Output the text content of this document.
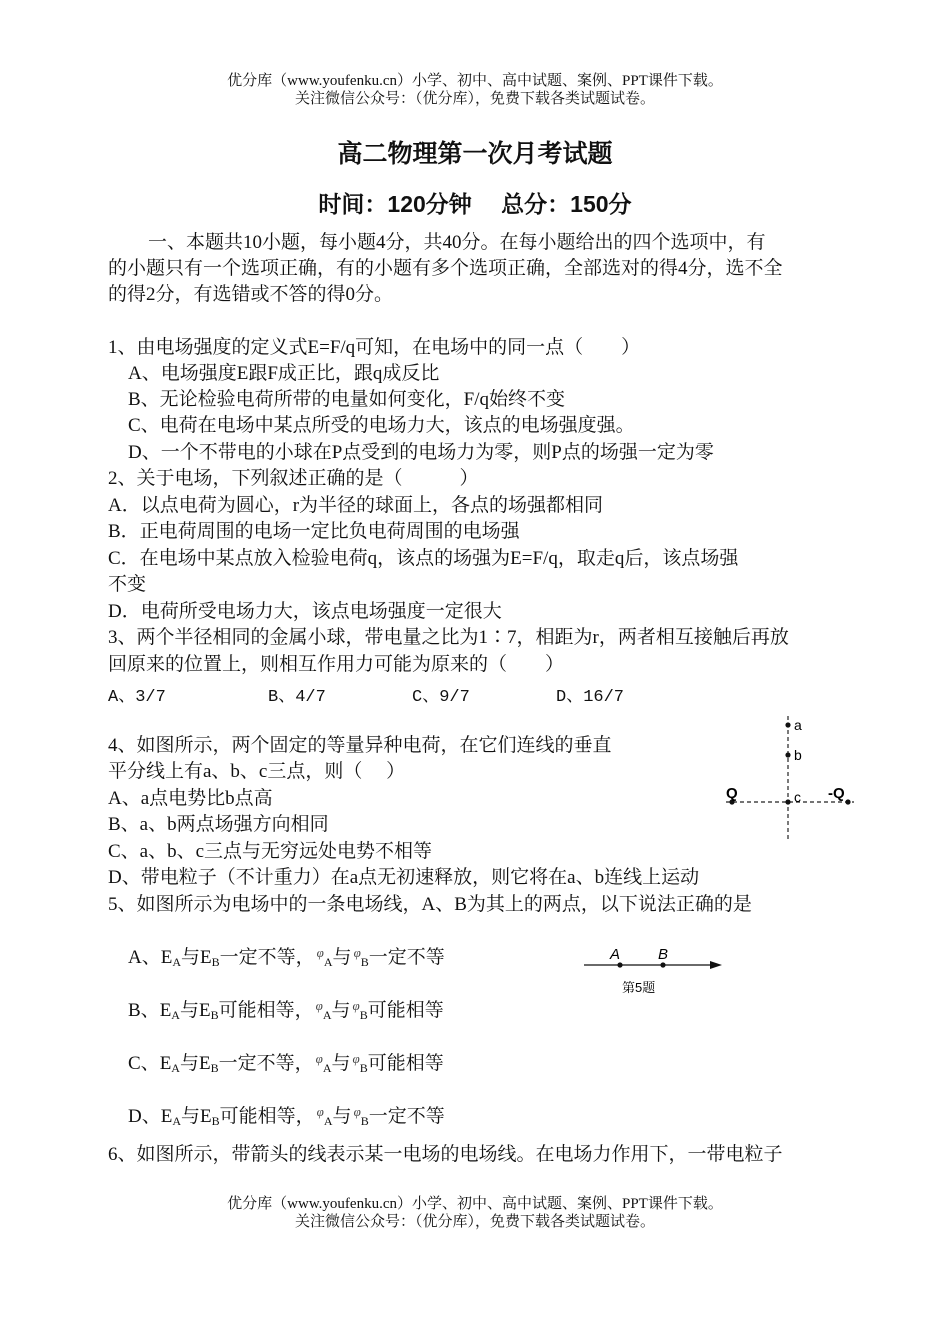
优分库（www.youfenku.cn）小学、初中、高中试题、案例、PPT课件下载。
关注微信公众号：（优分库），免费下载各类试题试卷。
高二物理第一次月考试题
时间：120分钟　 总分：150分
一、本题共10小题，每小题4分，共40分。在每小题给出的四个选项中，有
的小题只有一个选项正确，有的小题有多个选项正确，全部选对的得4分，选不全
的得2分，有选错或不答的得0分。
1、由电场强度的定义式E=F/q可知，在电场中的同一点（　　）
A、电场强度E跟F成正比，跟q成反比
B、无论检验电荷所带的电量如何变化，F/q始终不变
C、电荷在电场中某点所受的电场力大，该点的电场强度强。
D、一个不带电的小球在P点受到的电场力为零，则P点的场强一定为零
2、关于电场，下列叙述正确的是（　　　）
A．以点电荷为圆心，r为半径的球面上，各点的场强都相同
B．正电荷周围的电场一定比负电荷周围的电场强
C．在电场中某点放入检验电荷q，该点的场强为E=F/q，取走q后，该点场强
不变
D．电荷所受电场力大，该点电场强度一定很大
3、两个半径相同的金属小球，带电量之比为1∶7，相距为r，两者相互接触后再放
回原来的位置上，则相互作用力可能为原来的（　　）
A、3/7	B、4/7	C、9/7	D、16/7
4、如图所示，两个固定的等量异种电荷，在它们连线的垂直
平分线上有a、b、c三点，则（　 ）
A、a点电势比b点高
B、a、b两点场强方向相同
C、a、b、c三点与无穷远处电势不相等
D、带电粒子（不计重力）在a点无初速释放，则它将在a、b连线上运动
a
b
c
Q	-Q
5、如图所示为电场中的一条电场线，A、B为其上的两点，以下说法正确的是
A、$E_A$与$E_B$一定不等， $^\varphi_A$与 $^\varphi_B$一定不等
B、$E_A$与$E_B$可能相等， $^\varphi_A$与 $^\varphi_B$可能相等
C、$E_A$与$E_B$一定不等， $^\varphi_A$与 $^\varphi_B$可能相等
D、$E_A$与$E_B$可能相等， $^\varphi_A$与 $^\varphi_B$一定不等
A	B
第5题
6、如图所示，带箭头的线表示某一电场的电场线。在电场力作用下，一带电粒子
优分库（www.youfenku.cn）小学、初中、高中试题、案例、PPT课件下载。
关注微信公众号：（优分库），免费下载各类试题试卷。
